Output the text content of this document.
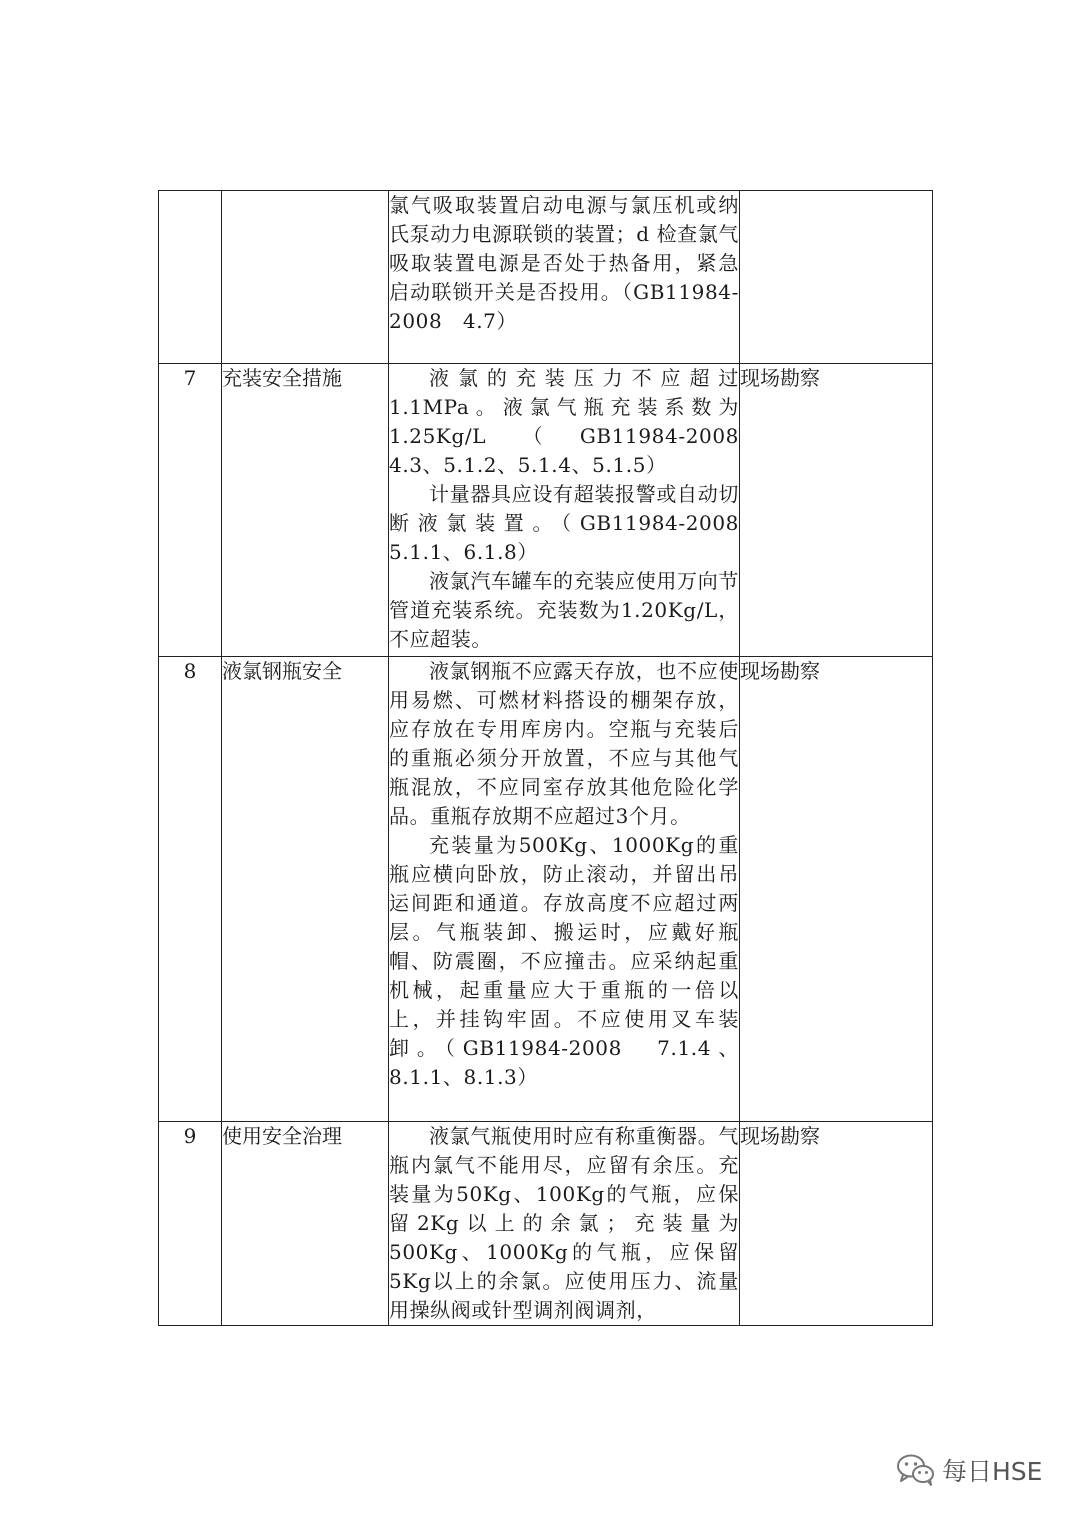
		氯气吸取装置启动电源与氯压机或纳氏泵动力电源联锁的装置；d 检查氯气吸取装置电源是否处于热备用，紧急启动联锁开关是否投用。（GB11984-2008　4.7）	

7	充装安全措施	液氯的充装压力不应超过1.1MPa。液氯气瓶充装系数为1.25Kg/L（GB11984-2008　4.3、5.1.2、5.1.4、5.1.5）

计量器具应设有超装报警或自动切断液氯装置。（GB11984-2008　5.1.1、6.1.8）

液氯汽车罐车的充装应使用万向节管道充装系统。充装数为1.20Kg/L，不应超装。	现场勘察
8	液氯钢瓶安全	液氯钢瓶不应露天存放，也不应使用易燃、可燃材料搭设的棚架存放，应存放在专用库房内。空瓶与充装后的重瓶必须分开放置，不应与其他气瓶混放，不应同室存放其他危险化学品。重瓶存放期不应超过3个月。

充装量为500Kg、1000Kg的重瓶应横向卧放，防止滚动，并留出吊运间距和通道。存放高度不应超过两层。气瓶装卸、搬运时，应戴好瓶帽、防震圈，不应撞击。应采纳起重机械，起重量应大于重瓶的一倍以上，并挂钩牢固。不应使用叉车装卸。（GB11984-2008　7.1.4、8.1.1、8.1.3）	现场勘察
9	使用安全治理	液氯气瓶使用时应有称重衡器。气瓶内氯气不能用尽，应留有余压。充装量为50Kg、100Kg的气瓶，应保留2Kg以上的余氯；充装量为500Kg、1000Kg的气瓶，应保留5Kg以上的余氯。应使用压力、流量用操纵阀或针型调剂阀调剂，	现场勘察
每日HSE
